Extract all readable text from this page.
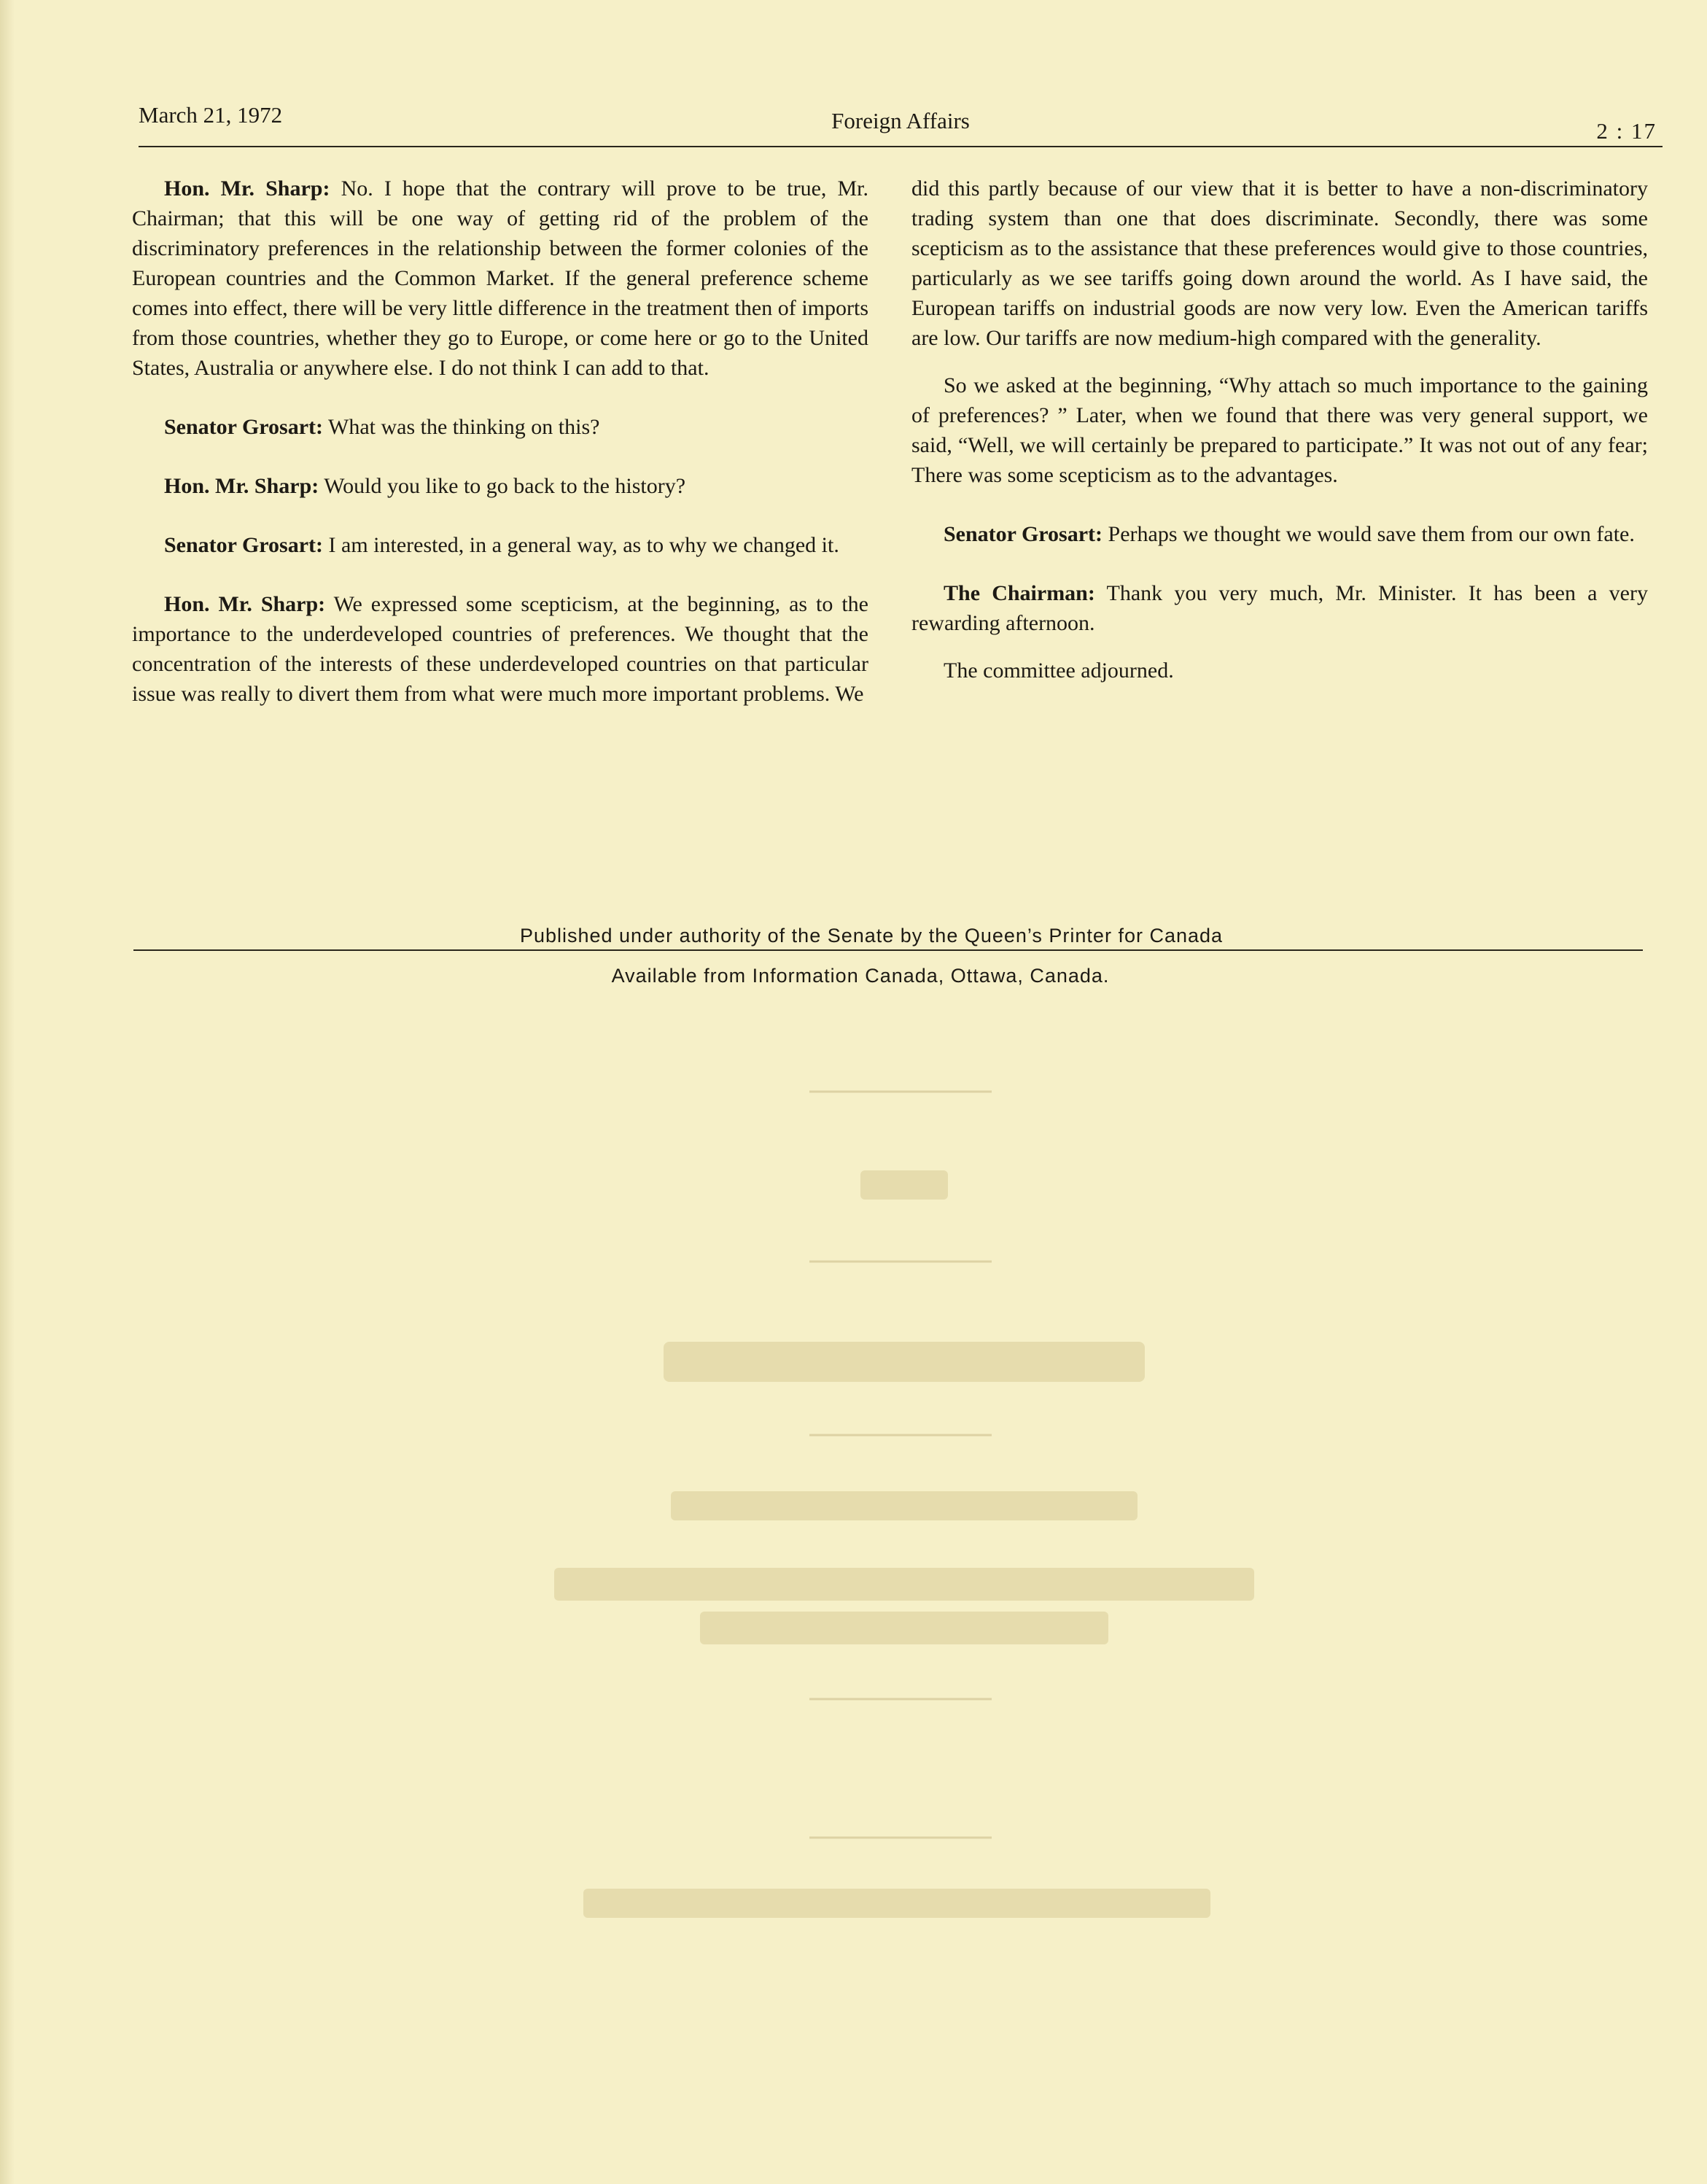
March 21, 1972	Foreign Affairs	2 : 17

Hon. Mr. Sharp: No. I hope that the contrary will prove to be true, Mr. Chairman; that this will be one way of getting rid of the problem of the discriminatory preferences in the relationship between the former colonies of the European countries and the Common Market. If the general preference scheme comes into effect, there will be very little difference in the treatment then of imports from those countries, whether they go to Europe, or come here or go to the United States, Australia or anywhere else. I do not think I can add to that.

Senator Grosart: What was the thinking on this?

Hon. Mr. Sharp: Would you like to go back to the history?

Senator Grosart: I am interested, in a general way, as to why we changed it.

Hon. Mr. Sharp: We expressed some scepticism, at the beginning, as to the importance to the underdeveloped countries of preferences. We thought that the concentration of the interests of these underdeveloped countries on that particular issue was really to divert them from what were much more important problems. We

did this partly because of our view that it is better to have a non-discriminatory trading system than one that does discriminate. Secondly, there was some scepticism as to the assistance that these preferences would give to those countries, particularly as we see tariffs going down around the world. As I have said, the European tariffs on industrial goods are now very low. Even the American tariffs are low. Our tariffs are now medium-high compared with the generality.

So we asked at the beginning, “Why attach so much importance to the gaining of preferences? ” Later, when we found that there was very general support, we said, “Well, we will certainly be prepared to participate.” It was not out of any fear; There was some scepticism as to the advantages.

Senator Grosart: Perhaps we thought we would save them from our own fate.

The Chairman: Thank you very much, Mr. Minister. It has been a very rewarding afternoon.

The committee adjourned.

Published under authority of the Senate by the Queen’s Printer for Canada
Available from Information Canada, Ottawa, Canada.
